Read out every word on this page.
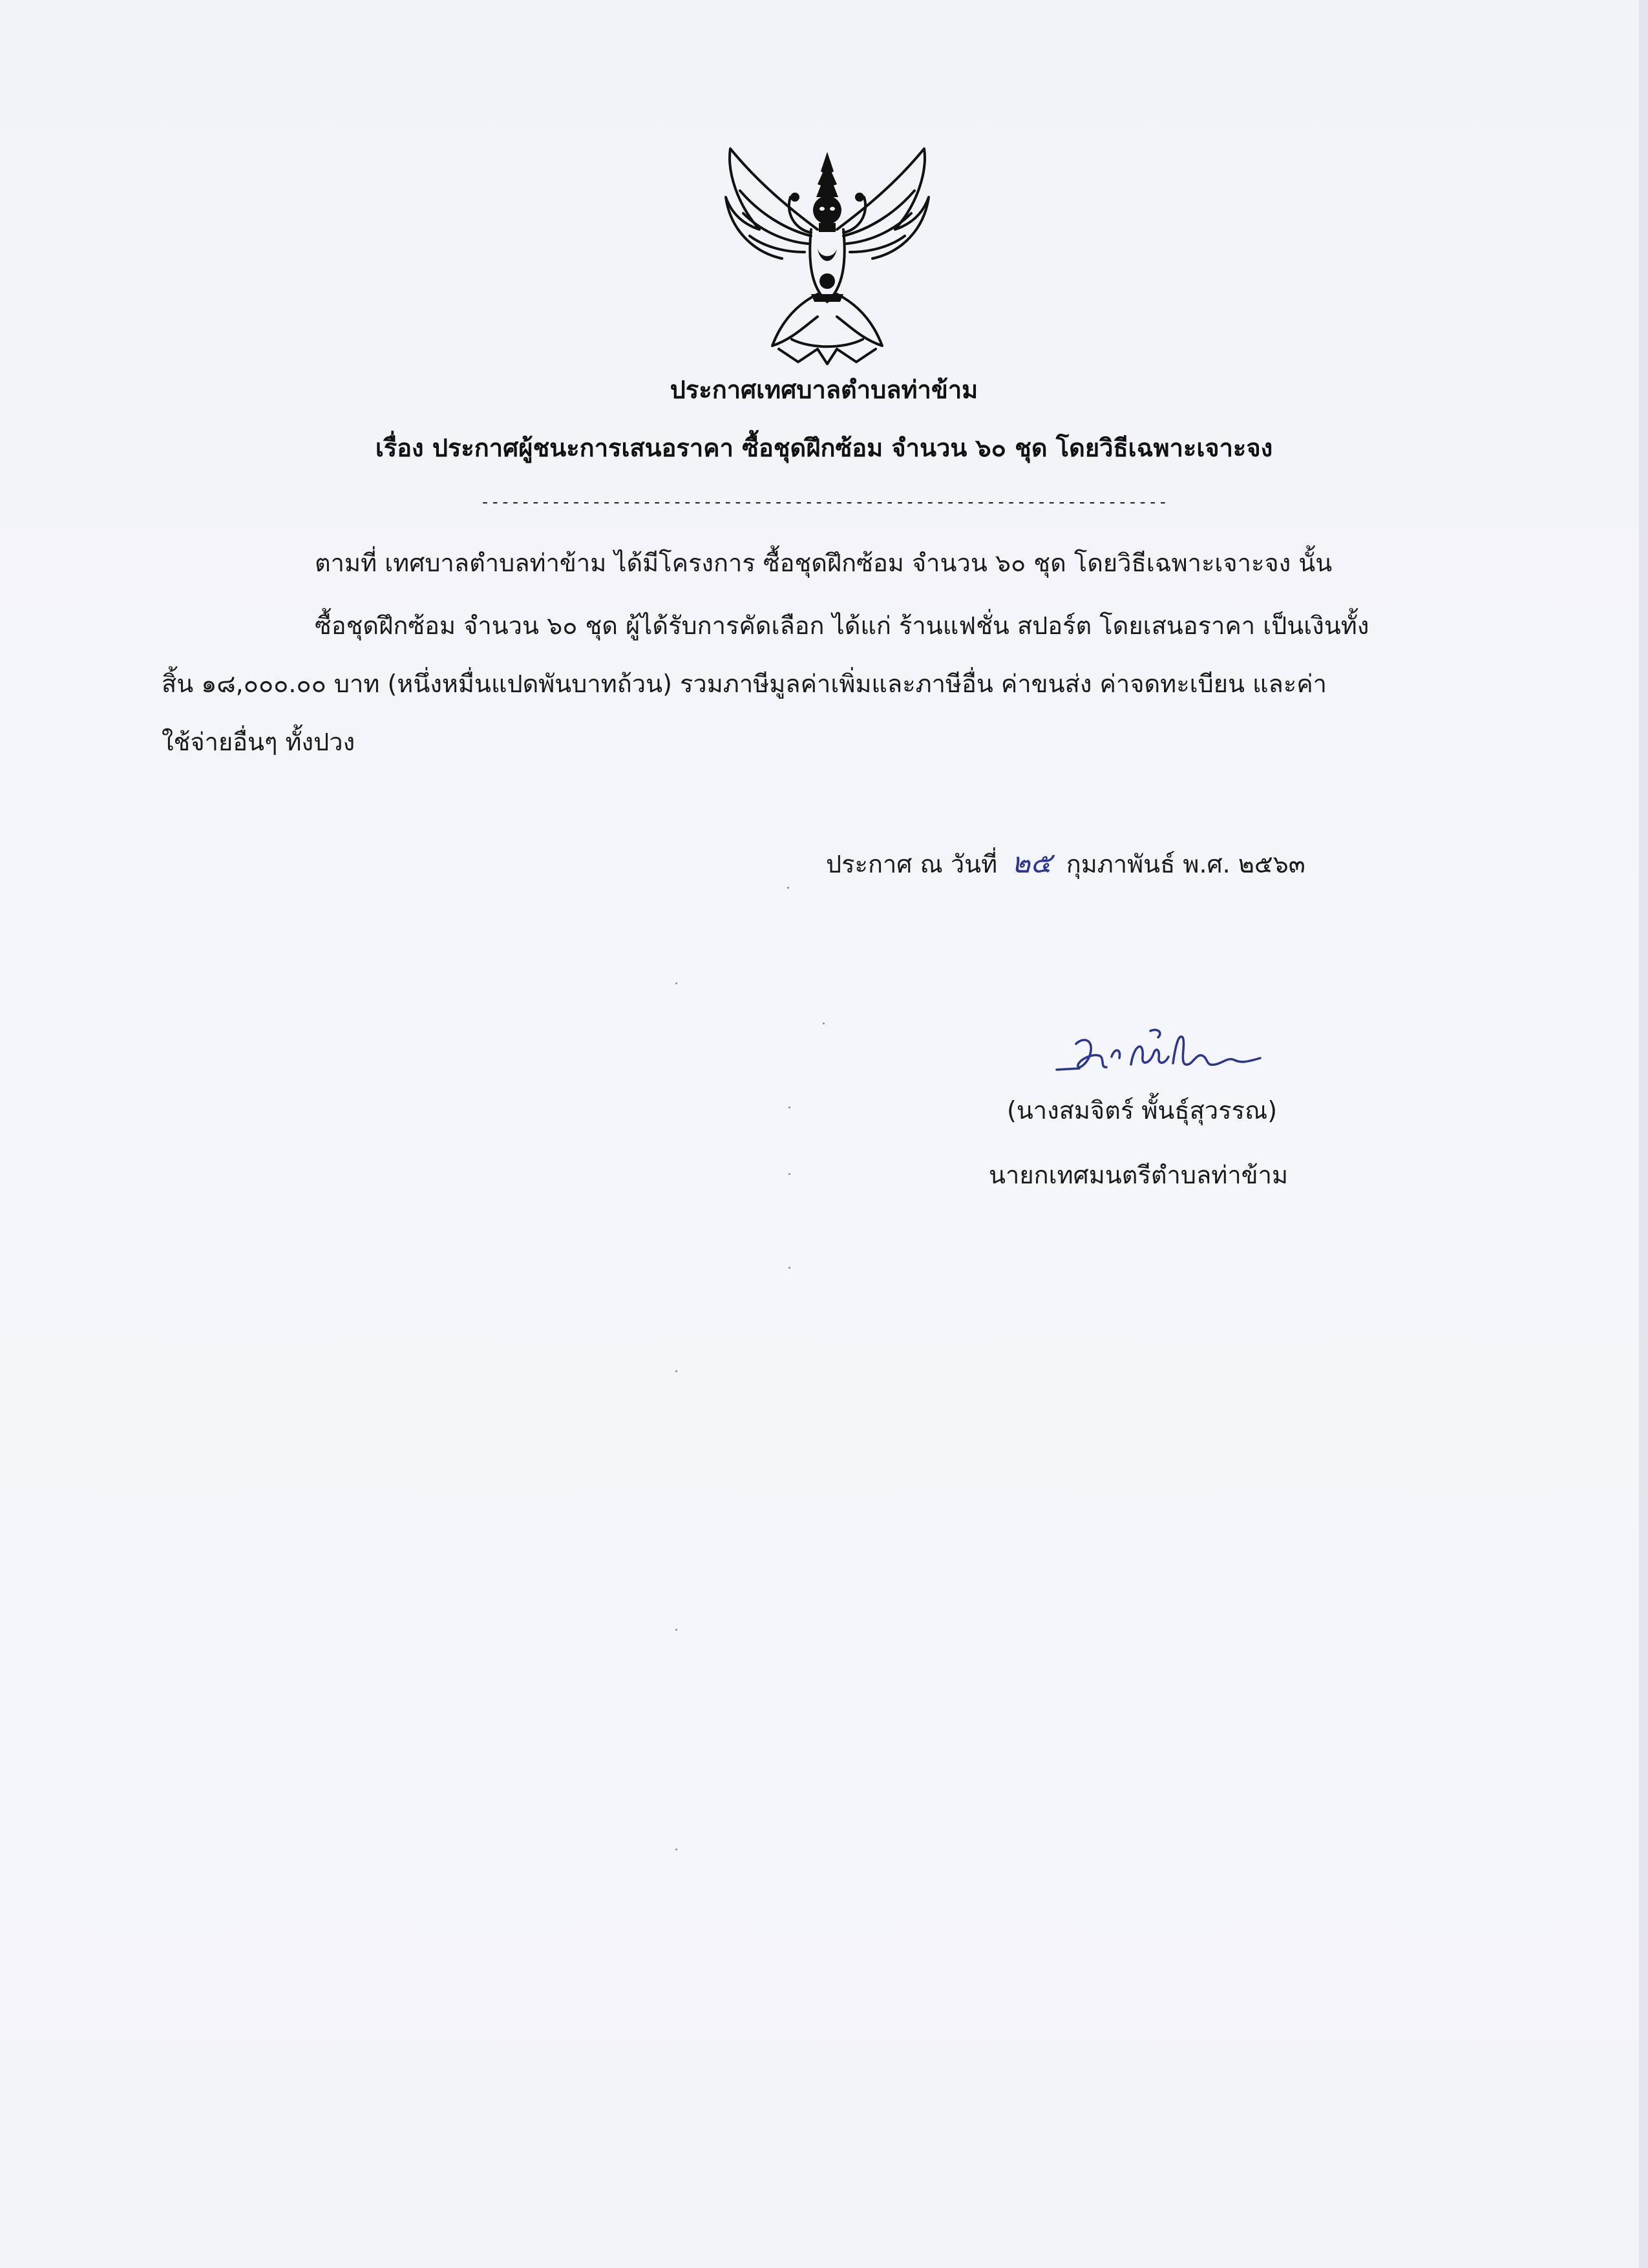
ประกาศเทศบาลตำบลท่าข้าม
เรื่อง ประกาศผู้ชนะการเสนอราคา ซื้อชุดฝึกซ้อม จำนวน ๖๐ ชุด โดยวิธีเฉพาะเจาะจง
--------------------------------------------------------------------
ตามที่ เทศบาลตำบลท่าข้าม ได้มีโครงการ ซื้อชุดฝึกซ้อม จำนวน ๖๐ ชุด โดยวิธีเฉพาะเจาะจง นั้น
ซื้อชุดฝึกซ้อม จำนวน ๖๐ ชุด ผู้ได้รับการคัดเลือก ได้แก่ ร้านแฟชั่น สปอร์ต โดยเสนอราคา เป็นเงินทั้ง
สิ้น ๑๘,๐๐๐.๐๐ บาท (หนึ่งหมื่นแปดพันบาทถ้วน) รวมภาษีมูลค่าเพิ่มและภาษีอื่น ค่าขนส่ง ค่าจดทะเบียน และค่า
ใช้จ่ายอื่นๆ ทั้งปวง
ประกาศ ณ วันที่ ๒๕ กุมภาพันธ์ พ.ศ. ๒๕๖๓
(นางสมจิตร์ พั้นธุ์สุวรรณ)
นายกเทศมนตรีตำบลท่าข้าม
